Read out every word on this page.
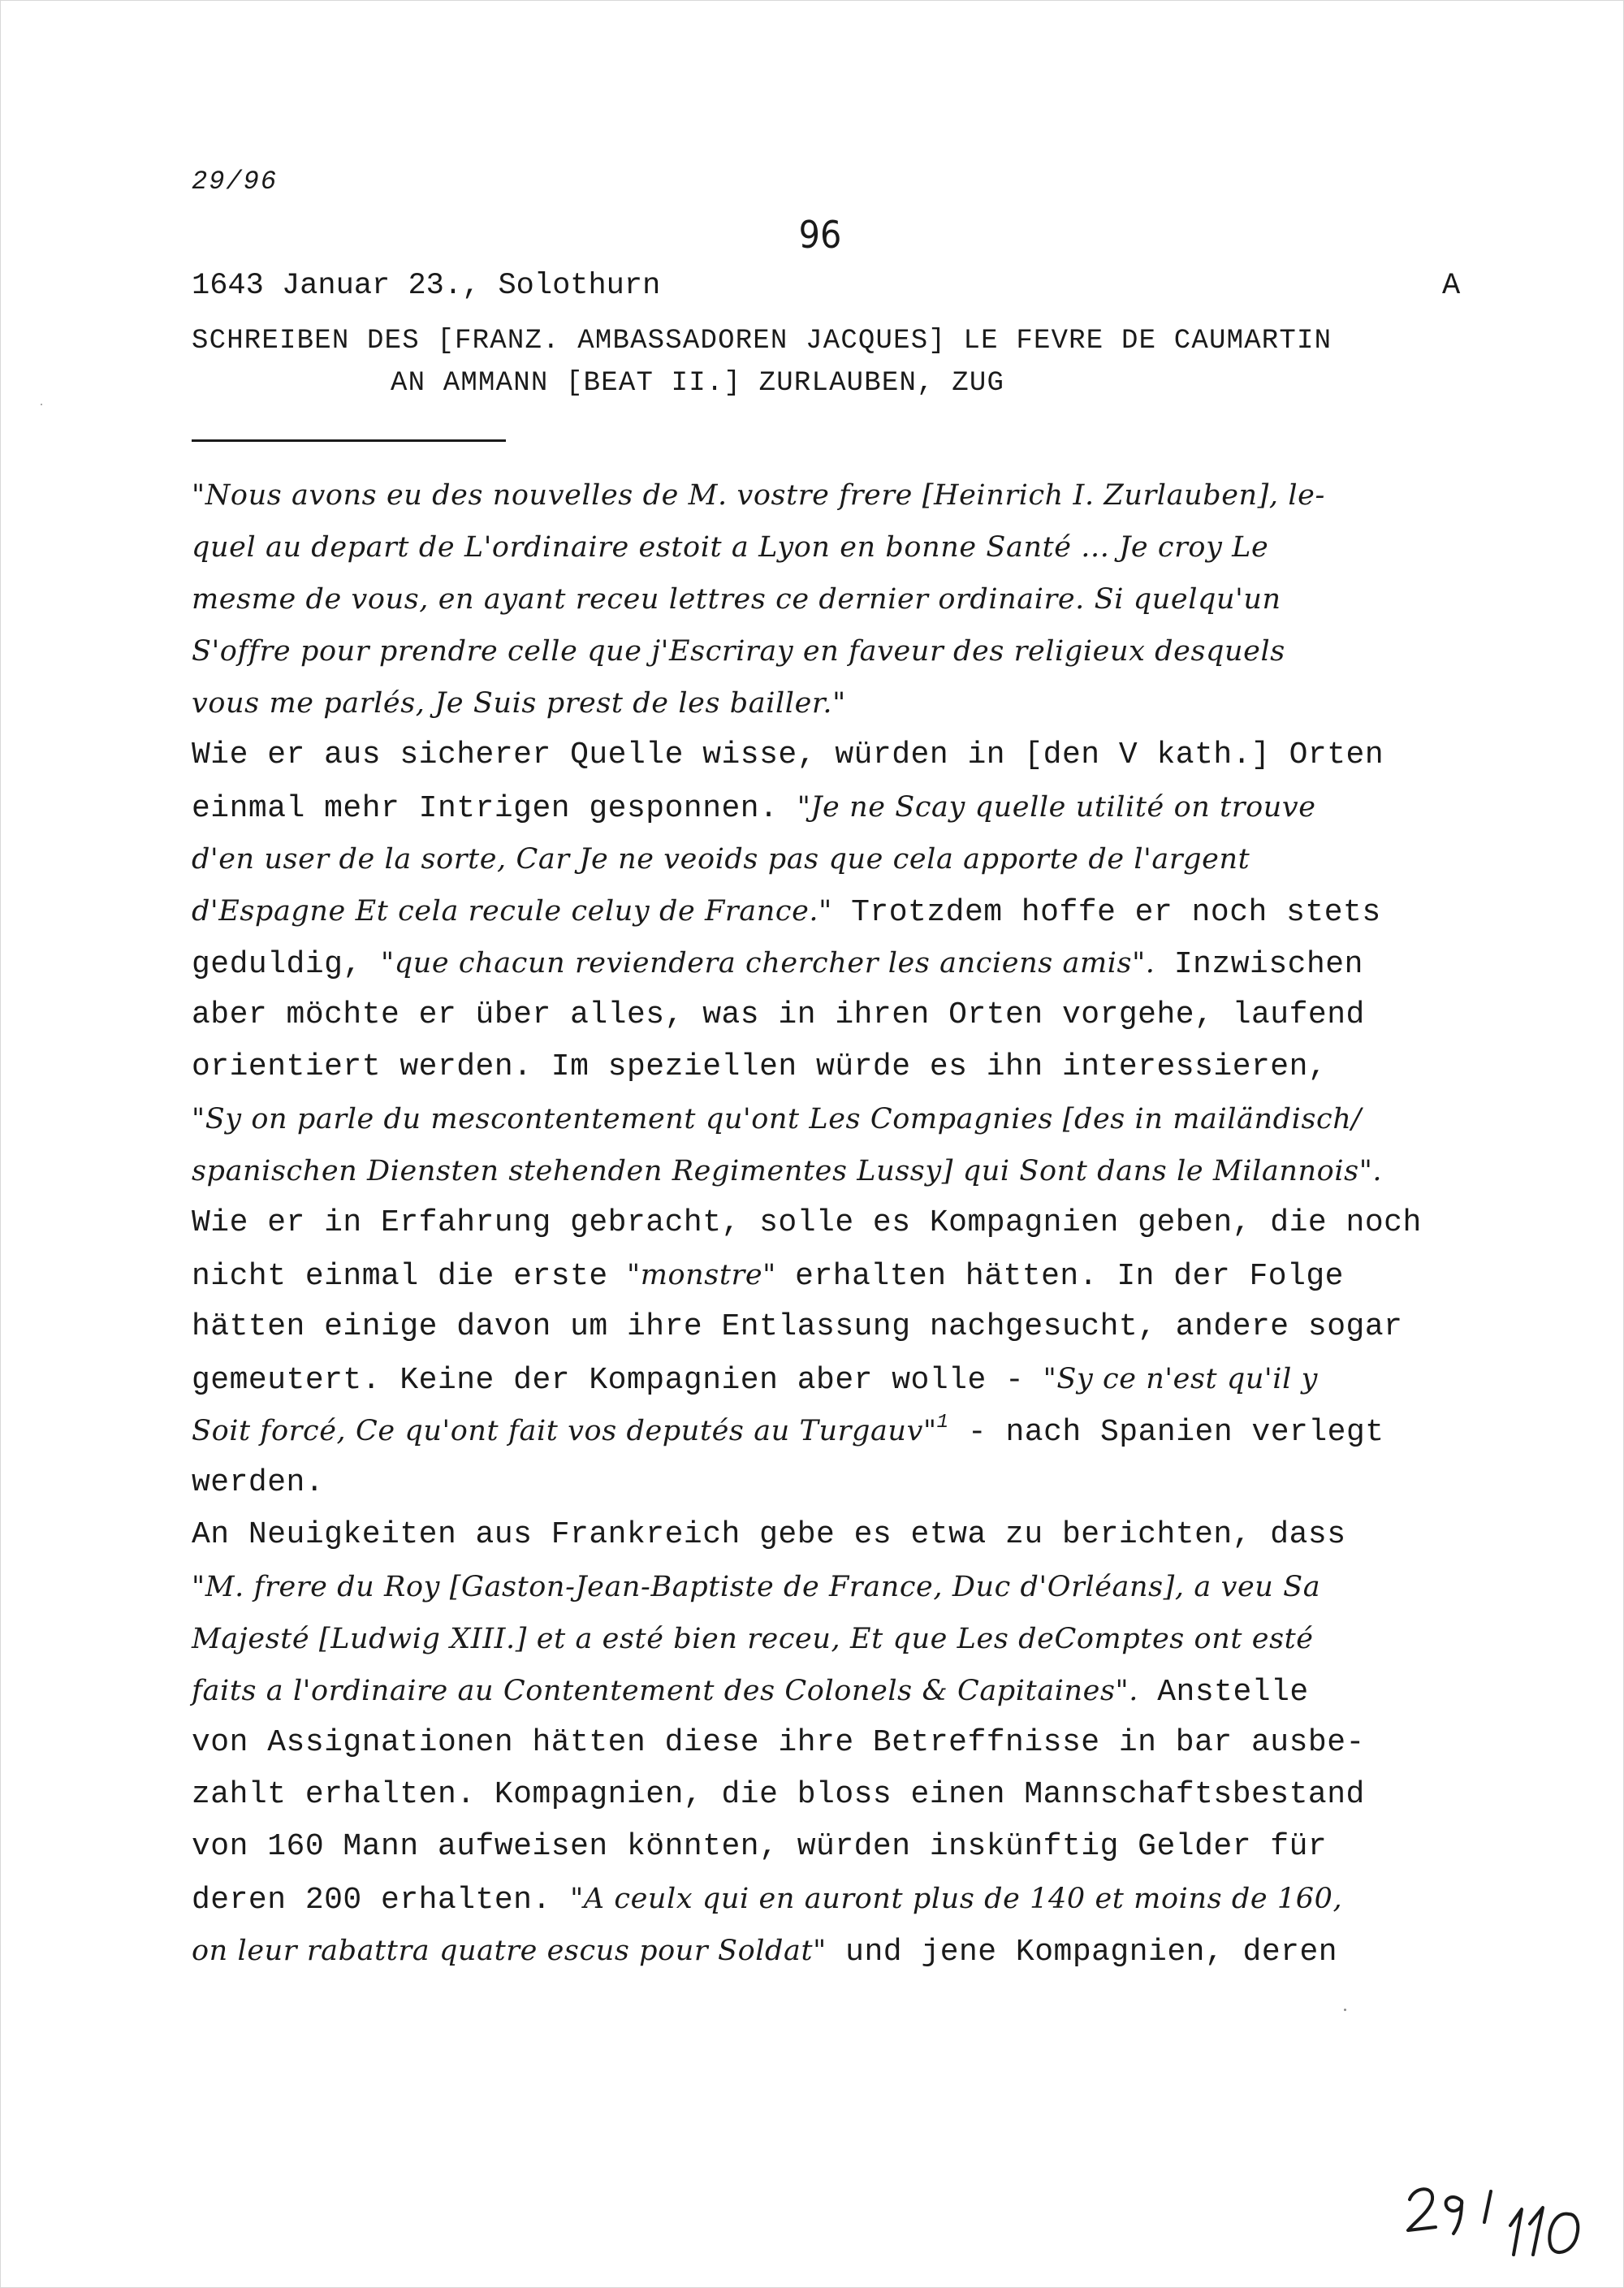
29/96
96
1643 Januar 23., Solothurn	A
SCHREIBEN DES [FRANZ. AMBASSADOREN JACQUES] LE FEVRE DE CAUMARTIN
AN AMMANN [BEAT II.] ZURLAUBEN, ZUG
"Nous avons eu des nouvelles de M. vostre frere [Heinrich I. Zurlauben], le-
quel au depart de L'ordinaire estoit a Lyon en bonne Santé ... Je croy Le
mesme de vous, en ayant receu lettres ce dernier ordinaire. Si quelqu'un
S'offre pour prendre celle que j'Escriray en faveur des religieux desquels
vous me parlés, Je Suis prest de les bailler."
Wie er aus sicherer Quelle wisse, würden in [den V kath.] Orten
einmal mehr Intrigen gesponnen. "Je ne Scay quelle utilité on trouve
d'en user de la sorte, Car Je ne veoids pas que cela apporte de l'argent
d'Espagne Et cela recule celuy de France." Trotzdem hoffe er noch stets
geduldig, "que chacun reviendera chercher les anciens amis". Inzwischen
aber möchte er über alles, was in ihren Orten vorgehe, laufend
orientiert werden. Im speziellen würde es ihn interessieren,
"Sy on parle du mescontentement qu'ont Les Compagnies [des in mailändisch/
spanischen Diensten stehenden Regimentes Lussy] qui Sont dans le Milannois".
Wie er in Erfahrung gebracht, solle es Kompagnien geben, die noch
nicht einmal die erste "monstre" erhalten hätten. In der Folge
hätten einige davon um ihre Entlassung nachgesucht, andere sogar
gemeutert. Keine der Kompagnien aber wolle - "Sy ce n'est qu'il y
Soit forcé, Ce qu'ont fait vos deputés au Turgauv"$^1$ - nach Spanien verlegt
werden.
An Neuigkeiten aus Frankreich gebe es etwa zu berichten, dass
"M. frere du Roy [Gaston-Jean-Baptiste de France, Duc d'Orléans], a veu Sa
Majesté [Ludwig XIII.] et a esté bien receu, Et que Les deComptes ont esté
faits a l'ordinaire au Contentement des Colonels & Capitaines". Anstelle
von Assignationen hätten diese ihre Betreffnisse in bar ausbe-
zahlt erhalten. Kompagnien, die bloss einen Mannschaftsbestand
von 160 Mann aufweisen könnten, würden inskünftig Gelder für
deren 200 erhalten. "A ceulx qui en auront plus de 140 et moins de 160,
on leur rabattra quatre escus pour Soldat" und jene Kompagnien, deren
